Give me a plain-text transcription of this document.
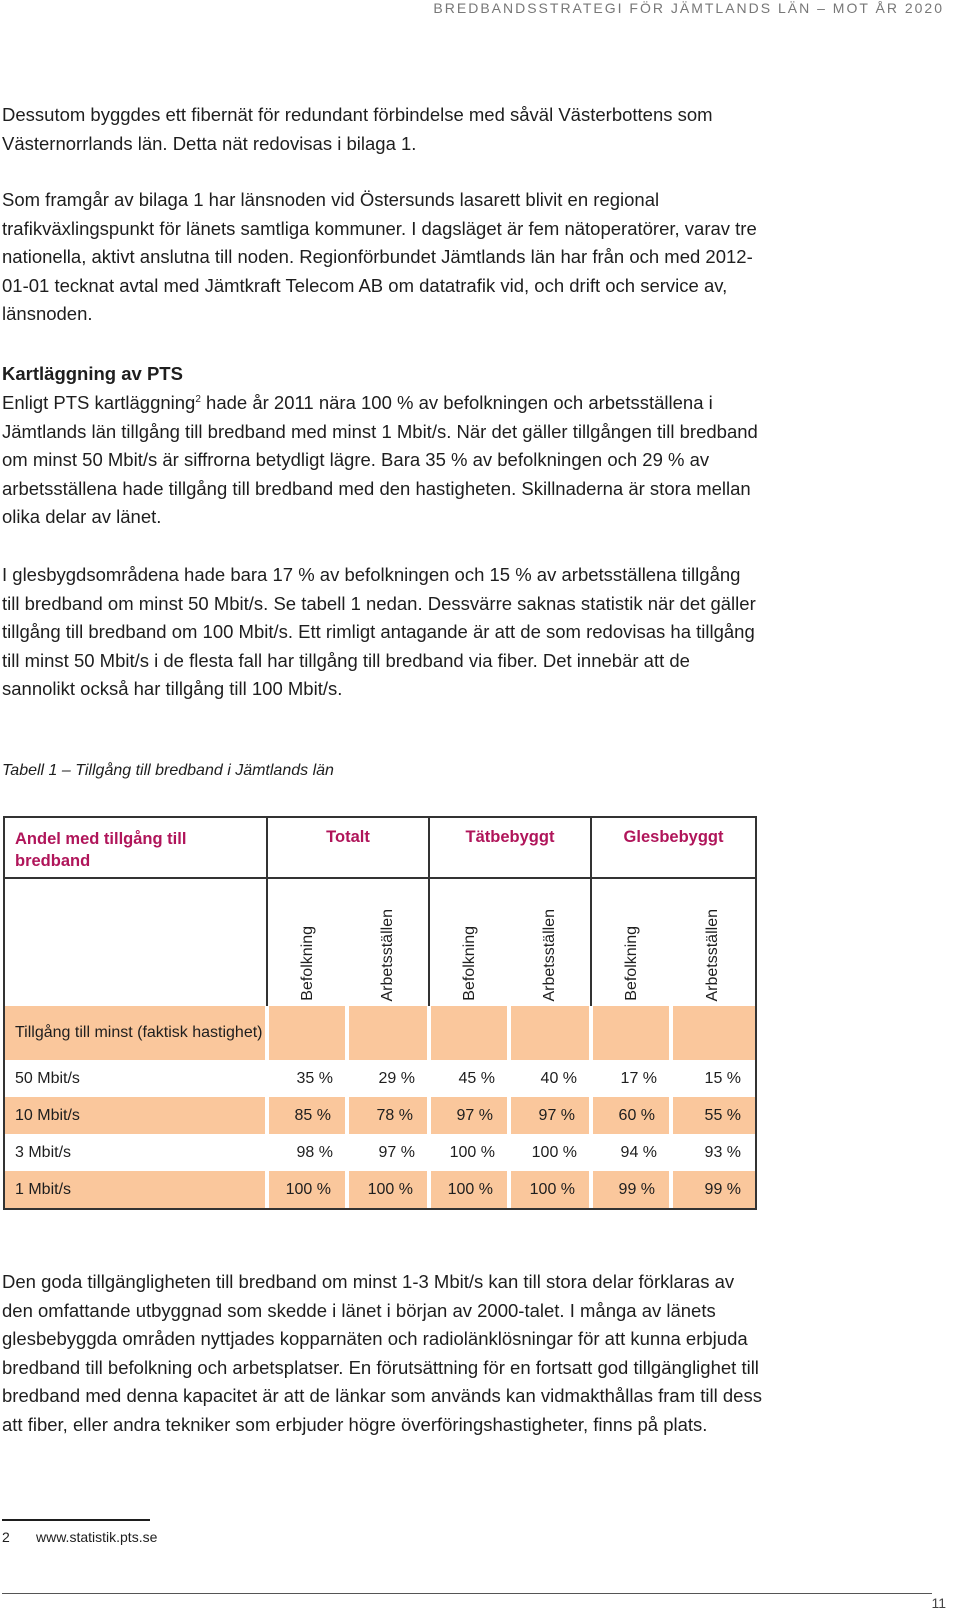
BREDBANDSSTRATEGI FÖR JÄMTLANDS LÄN – MOT ÅR 2020

Dessutom byggdes ett fibernät för redundant förbindelse med såväl Västerbottens som Västernorrlands län. Detta nät redovisas i bilaga 1.

Som framgår av bilaga 1 har länsnoden vid Östersunds lasarett blivit en regional trafikväxlingspunkt för länets samtliga kommuner. I dagsläget är fem nätoperatörer, varav tre nationella, aktivt anslutna till noden. Regionförbundet Jämtlands län har från och med 2012-01-01 tecknat avtal med Jämtkraft Telecom AB om datatrafik vid, och drift och service av, länsnoden.

Kartläggning av PTS

Enligt PTS kartläggning$^2$ hade år 2011 nära 100 % av befolkningen och arbetsställena i Jämtlands län tillgång till bredband med minst 1 Mbit/s. När det gäller tillgången till bredband om minst 50 Mbit/s är siffrorna betydligt lägre. Bara 35 % av befolkningen och 29 % av arbetsställena hade tillgång till bredband med den hastigheten. Skillnaderna är stora mellan olika delar av länet.

I glesbygdsområdena hade bara 17 % av befolkningen och 15 % av arbetsställena tillgång till bredband om minst 50 Mbit/s. Se tabell 1 nedan. Dessvärre saknas statistik när det gäller tillgång till bredband om 100 Mbit/s. Ett rimligt antagande är att de som redovisas ha tillgång till minst 50 Mbit/s i de flesta fall har tillgång till bredband via fiber. Det innebär att de sannolikt också har tillgång till 100 Mbit/s.

Tabell 1 – Tillgång till bredband i Jämtlands län

Andel med tillgång till bredband	Totalt		Tätbebyggt		Glesbebyggt	
	Befolkning	Arbetsställen	Befolkning	Arbetsställen	Befolkning	Arbetsställen
Tillgång till minst (faktisk hastighet)						
50 Mbit/s	35 %	29 %	45 %	40 %	17 %	15 %
10 Mbit/s	85 %	78 %	97 %	97 %	60 %	55 %
3 Mbit/s	98 %	97 %	100 %	100 %	94 %	93 %
1 Mbit/s	100 %	100 %	100 %	100 %	99 %	99 %

Den goda tillgängligheten till bredband om minst 1-3 Mbit/s kan till stora delar förklaras av den omfattande utbyggnad som skedde i länet i början av 2000-talet. I många av länets glesbebyggda områden nyttjades kopparnäten och radiolänklösningar för att kunna erbjuda bredband till befolkning och arbetsplatser. En förutsättning för en fortsatt god tillgänglighet till bredband med denna kapacitet är att de länkar som används kan vidmakthållas fram till dess att fiber, eller andra tekniker som erbjuder högre överföringshastigheter, finns på plats.

2 www.statistik.pts.se
11
